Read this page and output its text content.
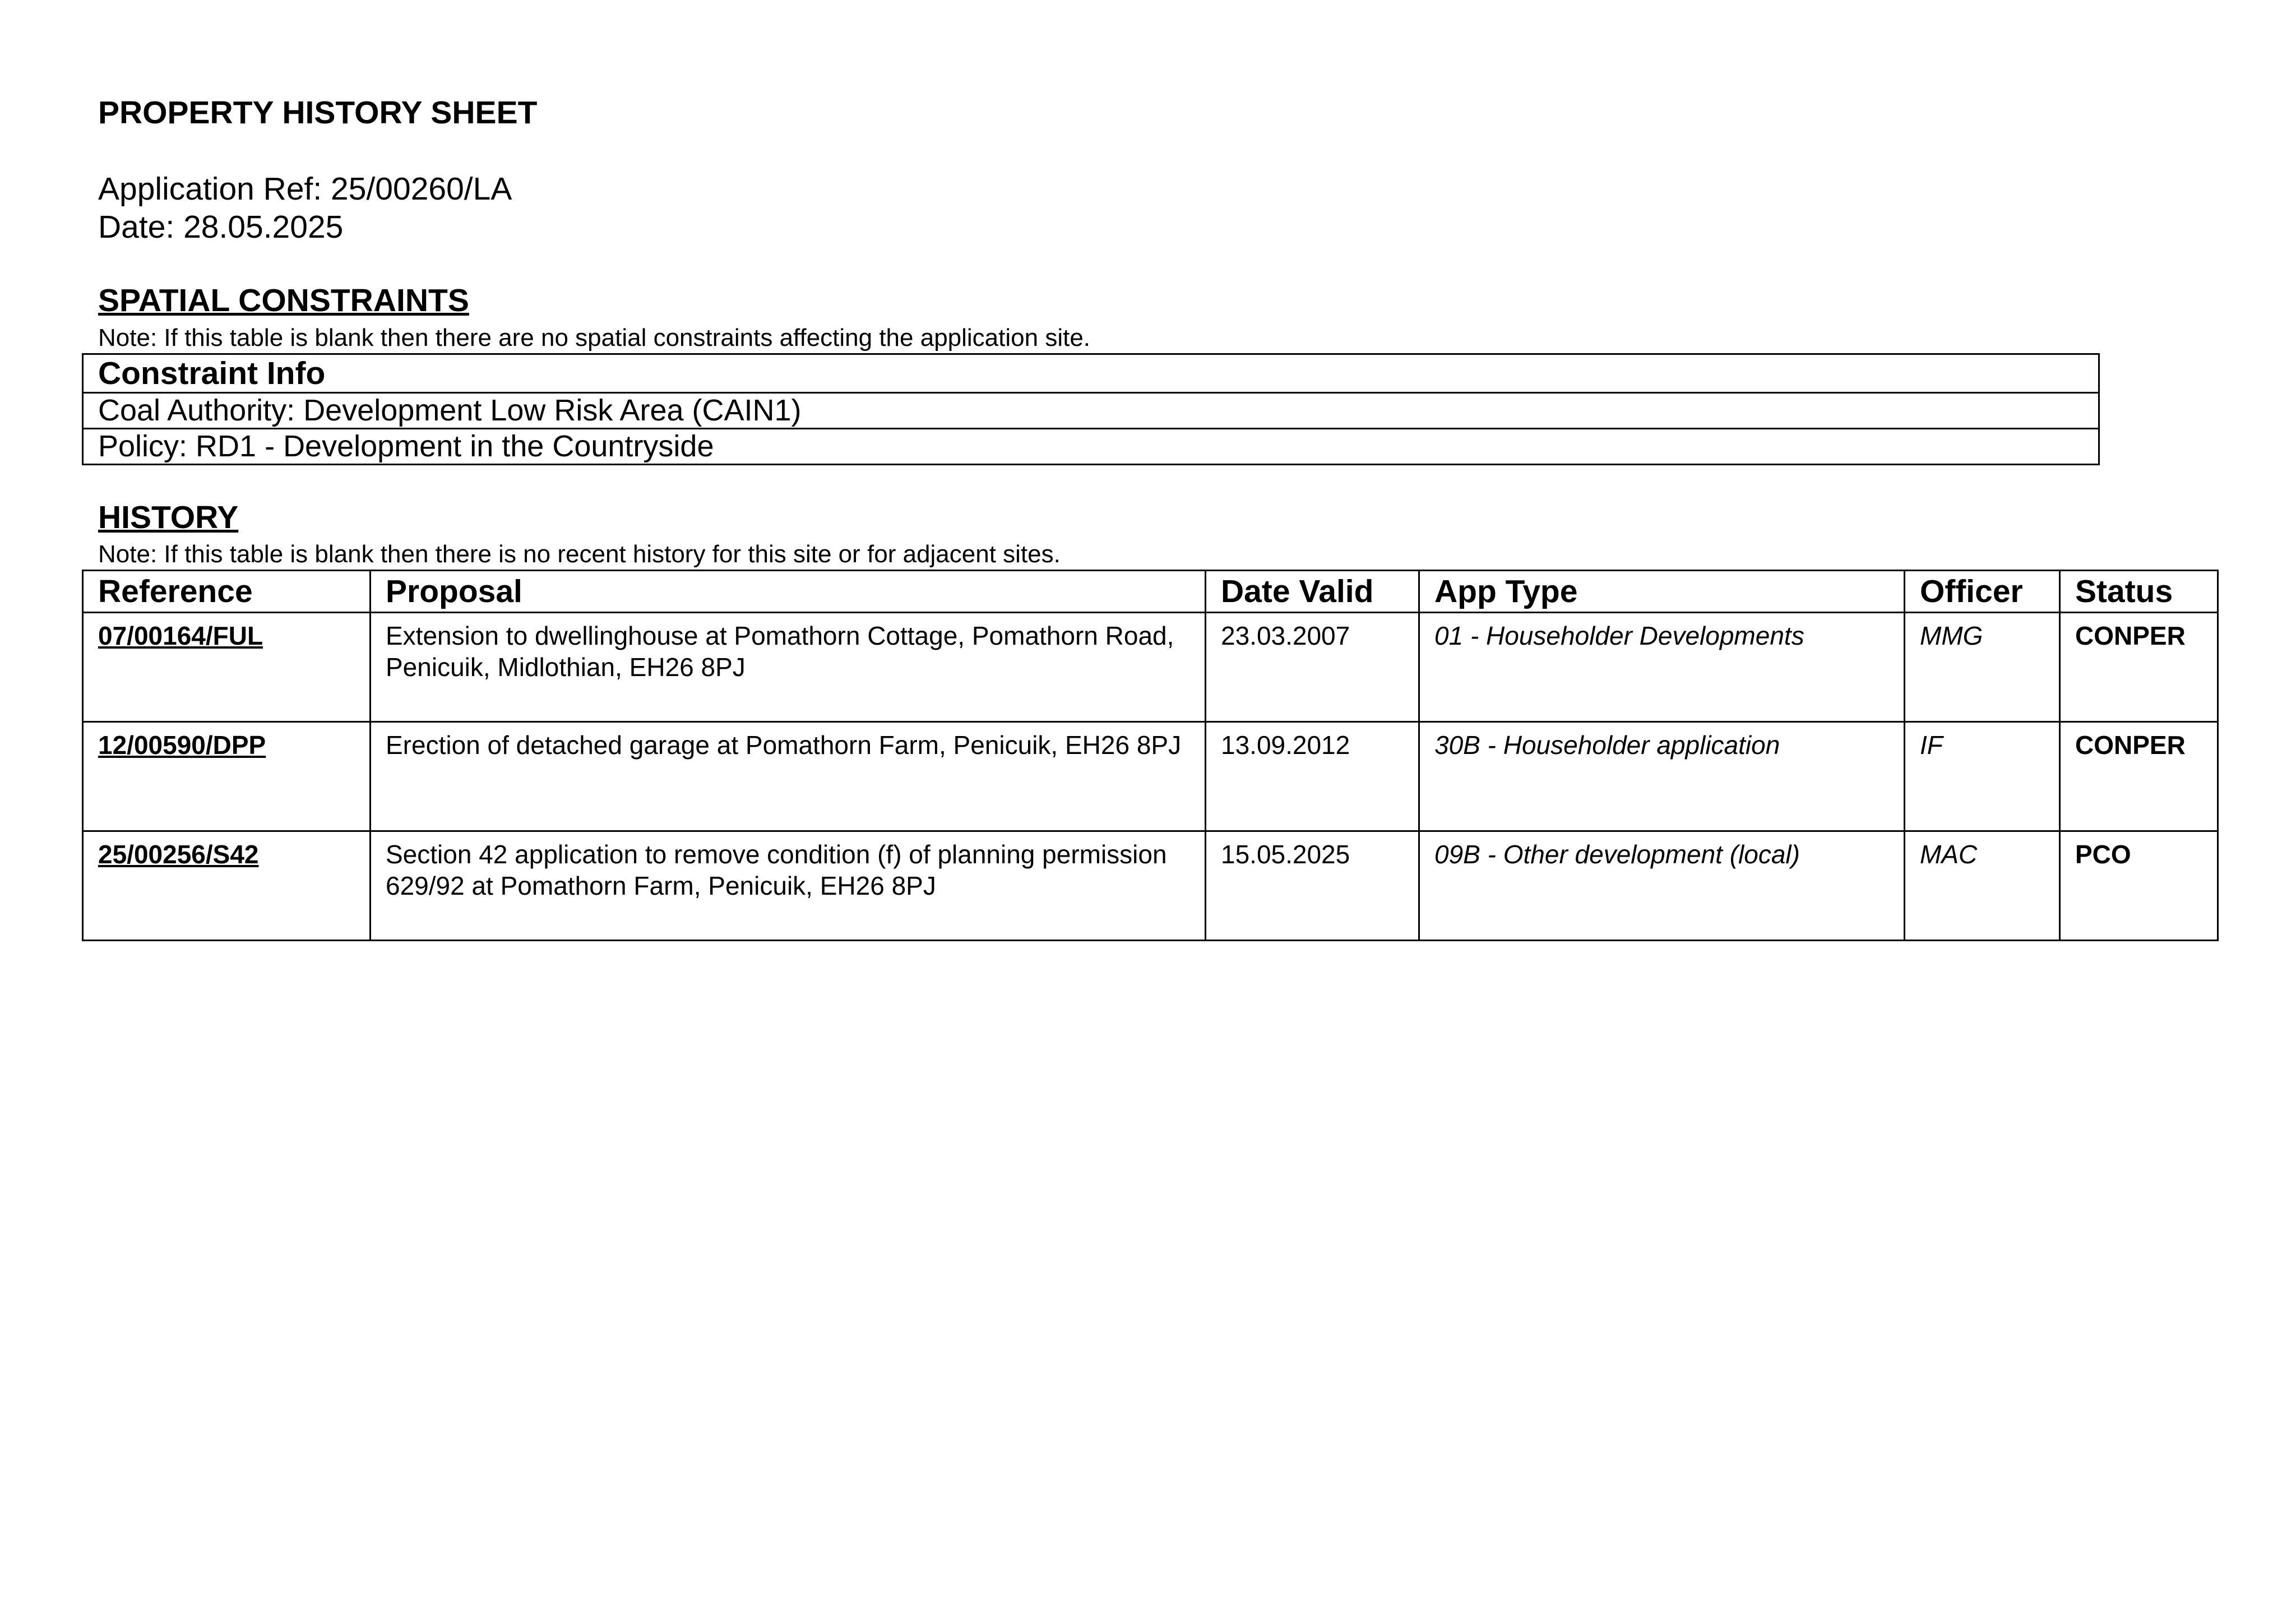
PROPERTY HISTORY SHEET
Application Ref: 25/00260/LA
Date: 28.05.2025
SPATIAL CONSTRAINTS
Note: If this table is blank then there are no spatial constraints affecting the application site.
Constraint Info
Coal Authority: Development Low Risk Area (CAIN1)
Policy: RD1 - Development in the Countryside
HISTORY
Note: If this table is blank then there is no recent history for this site or for adjacent sites.
Reference	Proposal	Date Valid	App Type	Officer	Status
07/00164/FUL	Extension to dwellinghouse at Pomathorn Cottage, Pomathorn Road, Penicuik, Midlothian, EH26 8PJ	23.03.2007	01 - Householder Developments	MMG	CONPER
12/00590/DPP	Erection of detached garage at Pomathorn Farm, Penicuik, EH26 8PJ	13.09.2012	30B - Householder application	IF	CONPER
25/00256/S42	Section 42 application to remove condition (f) of planning permission 629/92 at Pomathorn Farm, Penicuik, EH26 8PJ	15.05.2025	09B - Other development (local)	MAC	PCO
